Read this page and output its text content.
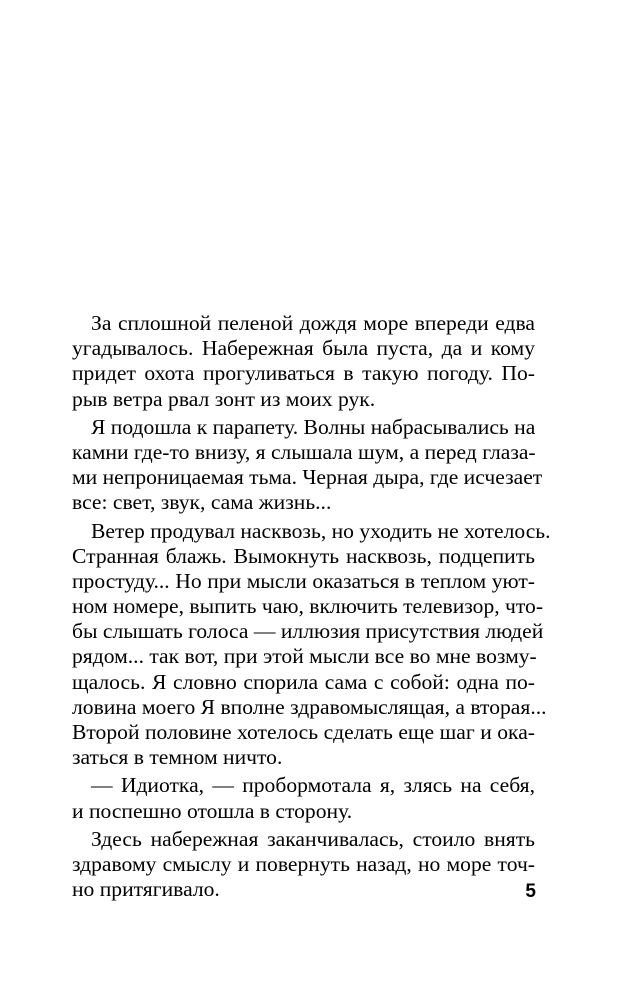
За сплошной пеленой дождя море впереди едва
угадывалось. Набережная была пуста, да и кому
придет охота прогуливаться в такую погоду. По-
рыв ветра рвал зонт из моих рук.
Я подошла к парапету. Волны набрасывались на
камни где-то внизу, я слышала шум, а перед глаза-
ми непроницаемая тьма. Черная дыра, где исчезает
все: свет, звук, сама жизнь...
Ветер продувал насквозь, но уходить не хотелось.
Странная блажь. Вымокнуть насквозь, подцепить
простуду... Но при мысли оказаться в теплом уют-
ном номере, выпить чаю, включить телевизор, что-
бы слышать голоса — иллюзия присутствия людей
рядом... так вот, при этой мысли все во мне возму-
щалось. Я словно спорила сама с собой: одна по-
ловина моего Я вполне здравомыслящая, а вторая...
Второй половине хотелось сделать еще шаг и ока-
заться в темном ничто.
— Идиотка, — пробормотала я, злясь на себя,
и поспешно отошла в сторону.
Здесь набережная заканчивалась, стоило внять
здравому смыслу и повернуть назад, но море точ-
но притягивало.	5
